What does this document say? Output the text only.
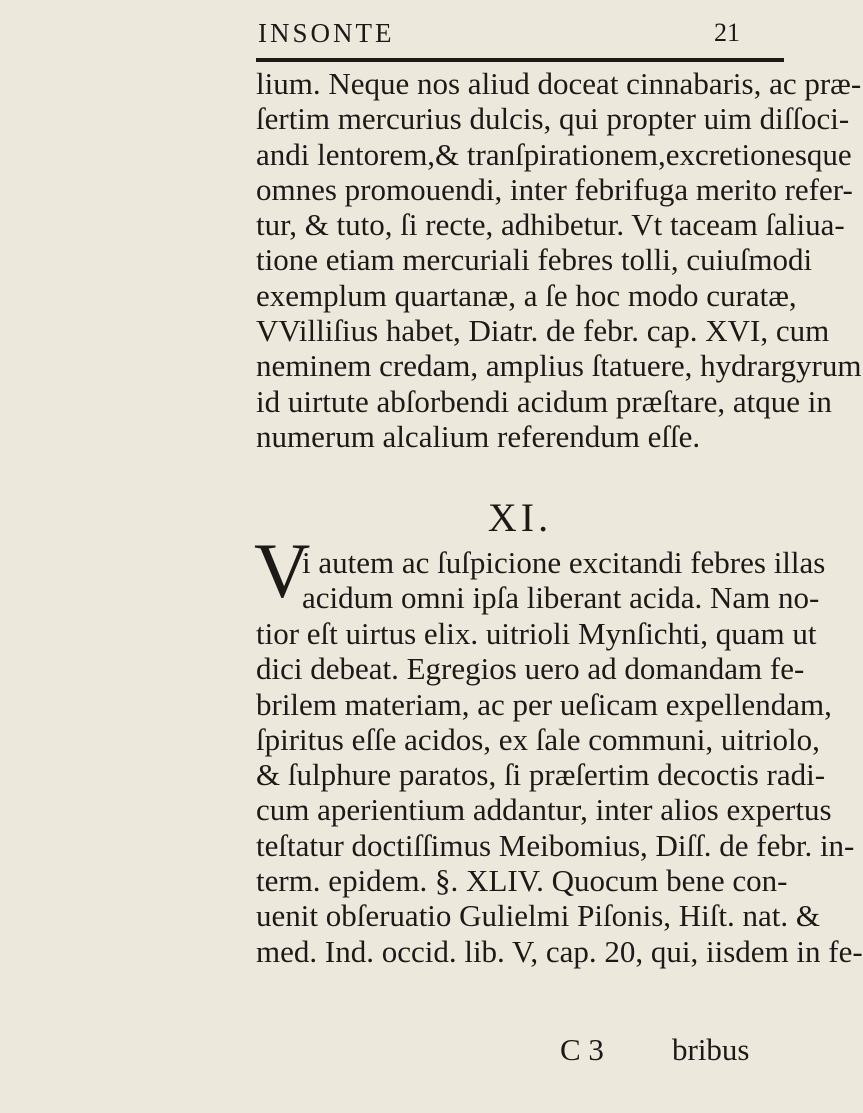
INSONTE	21
lium. Neque nos aliud doceat cinnabaris, ac præ-
ſertim mercurius dulcis, qui propter uim diſſoci-
andi lentorem,& tranſpirationem,excretionesque
omnes promouendi, inter febrifuga merito refer-
tur, & tuto, ſi recte, adhibetur. Vt taceam ſaliua-
tione etiam mercuriali febres tolli, cuiuſmodi
exemplum quartanæ, a ſe hoc modo curatæ,
VVilliſius habet, Diatr. de febr. cap. XVI, cum
neminem credam, amplius ſtatuere, hydrargyrum
id uirtute abſorbendi acidum præſtare, atque in
numerum alcalium referendum eſſe.
XI.
V
i autem ac ſuſpicione excitandi febres illas
acidum omni ipſa liberant acida. Nam no-
tior eſt uirtus elix. uitrioli Mynſichti, quam ut
dici debeat. Egregios uero ad domandam fe-
brilem materiam, ac per ueſicam expellendam,
ſpiritus eſſe acidos, ex ſale communi, uitriolo,
& ſulphure paratos, ſi præſertim decoctis radi-
cum aperientium addantur, inter alios expertus
teſtatur doctiſſimus Meibomius, Diſſ. de febr. in-
term. epidem. §. XLIV. Quocum bene con-
uenit obſeruatio Gulielmi Piſonis, Hiſt. nat. &
med. Ind. occid. lib. V, cap. 20, qui, iisdem in fe-
C 3 bribus
